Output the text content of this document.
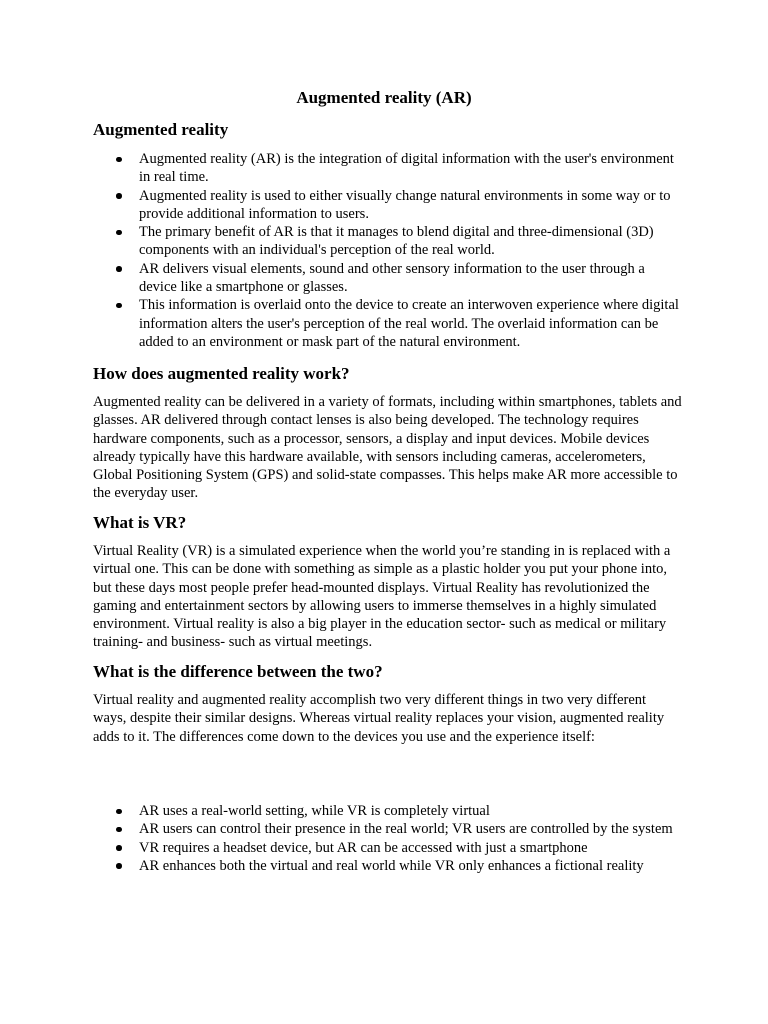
Augmented reality (AR)
Augmented reality
Augmented reality (AR) is the integration of digital information with the user's environment in real time.
Augmented reality is used to either visually change natural environments in some way or to provide additional information to users.
The primary benefit of AR is that it manages to blend digital and three-dimensional (3D) components with an individual's perception of the real world.
AR delivers visual elements, sound and other sensory information to the user through a device like a smartphone or glasses.
This information is overlaid onto the device to create an interwoven experience where digital information alters the user's perception of the real world. The overlaid information can be added to an environment or mask part of the natural environment.
How does augmented reality work?

Augmented reality can be delivered in a variety of formats, including within smartphones, tablets and glasses. AR delivered through contact lenses is also being developed. The technology requires hardware components, such as a processor, sensors, a display and input devices. Mobile devices already typically have this hardware available, with sensors including cameras, accelerometers, Global Positioning System (GPS) and solid-state compasses. This helps make AR more accessible to the everyday user.

What is VR?

Virtual Reality (VR) is a simulated experience when the world you’re standing in is replaced with a virtual one. This can be done with something as simple as a plastic holder you put your phone into, but these days most people prefer head-mounted displays. Virtual Reality has revolutionized the gaming and entertainment sectors by allowing users to immerse themselves in a highly simulated environment. Virtual reality is also a big player in the education sector- such as medical or military training- and business- such as virtual meetings.

What is the difference between the two?

Virtual reality and augmented reality accomplish two very different things in two very different ways, despite their similar designs. Whereas virtual reality replaces your vision, augmented reality adds to it. The differences come down to the devices you use and the experience itself:

AR uses a real-world setting, while VR is completely virtual
AR users can control their presence in the real world; VR users are controlled by the system
VR requires a headset device, but AR can be accessed with just a smartphone
AR enhances both the virtual and real world while VR only enhances a fictional reality
